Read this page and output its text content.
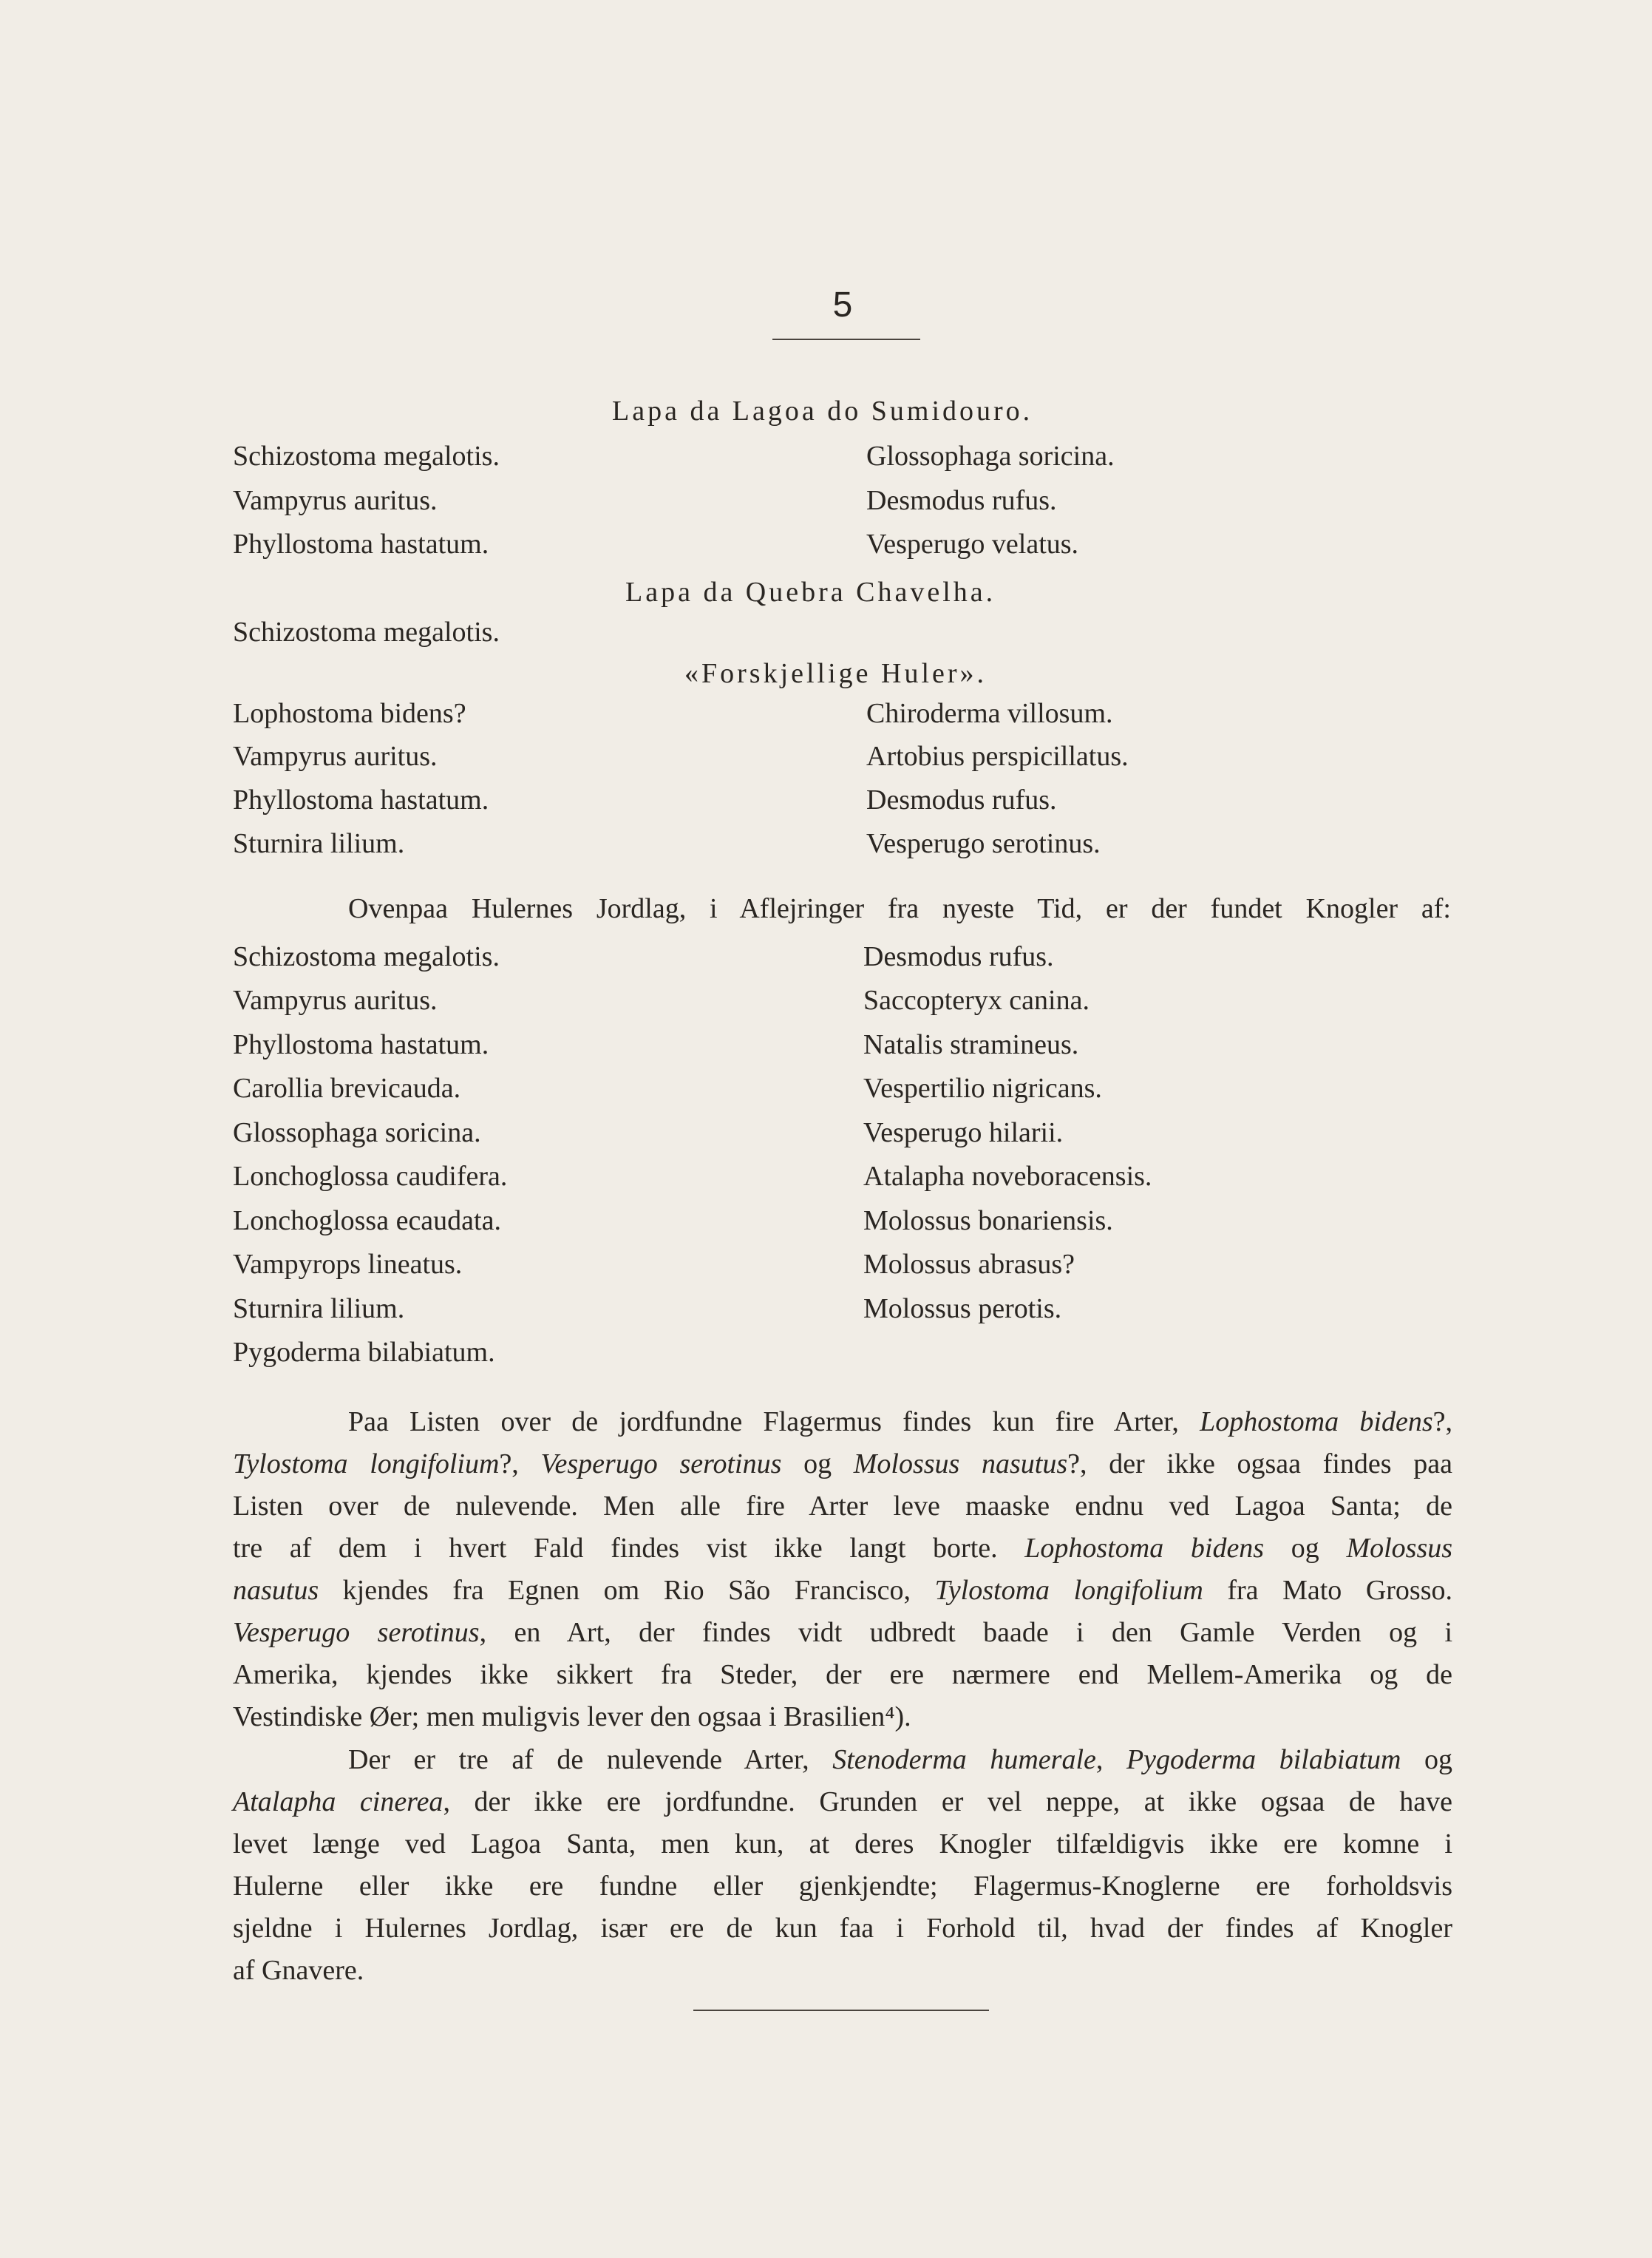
5
Lapa da Lagoa do Sumidouro.
Lapa da Quebra Chavelha.
«Forskjellige Huler».
Schizostoma megalotis.
Vampyrus auritus.
Phyllostoma hastatum.
Schizostoma megalotis.
Lophostoma bidens?
Vampyrus auritus.
Phyllostoma hastatum.
Sturnira lilium.
Glossophaga soricina.
Desmodus rufus.
Vesperugo velatus.
Chiroderma villosum.
Artobius perspicillatus.
Desmodus rufus.
Vesperugo serotinus.
Ovenpaa Hulernes Jordlag, i Aflejringer fra nyeste Tid, er der fundet Knogler af:
Schizostoma megalotis.
Vampyrus auritus.
Phyllostoma hastatum.
Carollia brevicauda.
Glossophaga soricina.
Lonchoglossa caudifera.
Lonchoglossa ecaudata.
Vampyrops lineatus.
Sturnira lilium.
Pygoderma bilabiatum.
Desmodus rufus.
Saccopteryx canina.
Natalis stramineus.
Vespertilio nigricans.
Vesperugo hilarii.
Atalapha noveboracensis.
Molossus bonariensis.
Molossus abrasus?
Molossus perotis.
Paa Listen over de jordfundne Flagermus findes kun fire Arter, Lophostoma bidens?,
Tylostoma longifolium?, Vesperugo serotinus og Molossus nasutus?, der ikke ogsaa findes paa
Listen over de nulevende. Men alle fire Arter leve maaske endnu ved Lagoa Santa; de
tre af dem i hvert Fald findes vist ikke langt borte. Lophostoma bidens og Molossus
nasutus kjendes fra Egnen om Rio São Francisco, Tylostoma longifolium fra Mato Grosso.
Vesperugo serotinus, en Art, der findes vidt udbredt baade i den Gamle Verden og i
Amerika, kjendes ikke sikkert fra Steder, der ere nærmere end Mellem-Amerika og de
Vestindiske Øer; men muligvis lever den ogsaa i Brasilien⁴).
Der er tre af de nulevende Arter, Stenoderma humerale, Pygoderma bilabiatum og
Atalapha cinerea, der ikke ere jordfundne. Grunden er vel neppe, at ikke ogsaa de have
levet længe ved Lagoa Santa, men kun, at deres Knogler tilfældigvis ikke ere komne i
Hulerne eller ikke ere fundne eller gjenkjendte; Flagermus-Knoglerne ere forholdsvis
sjeldne i Hulernes Jordlag, især ere de kun faa i Forhold til, hvad der findes af Knogler
af Gnavere.
